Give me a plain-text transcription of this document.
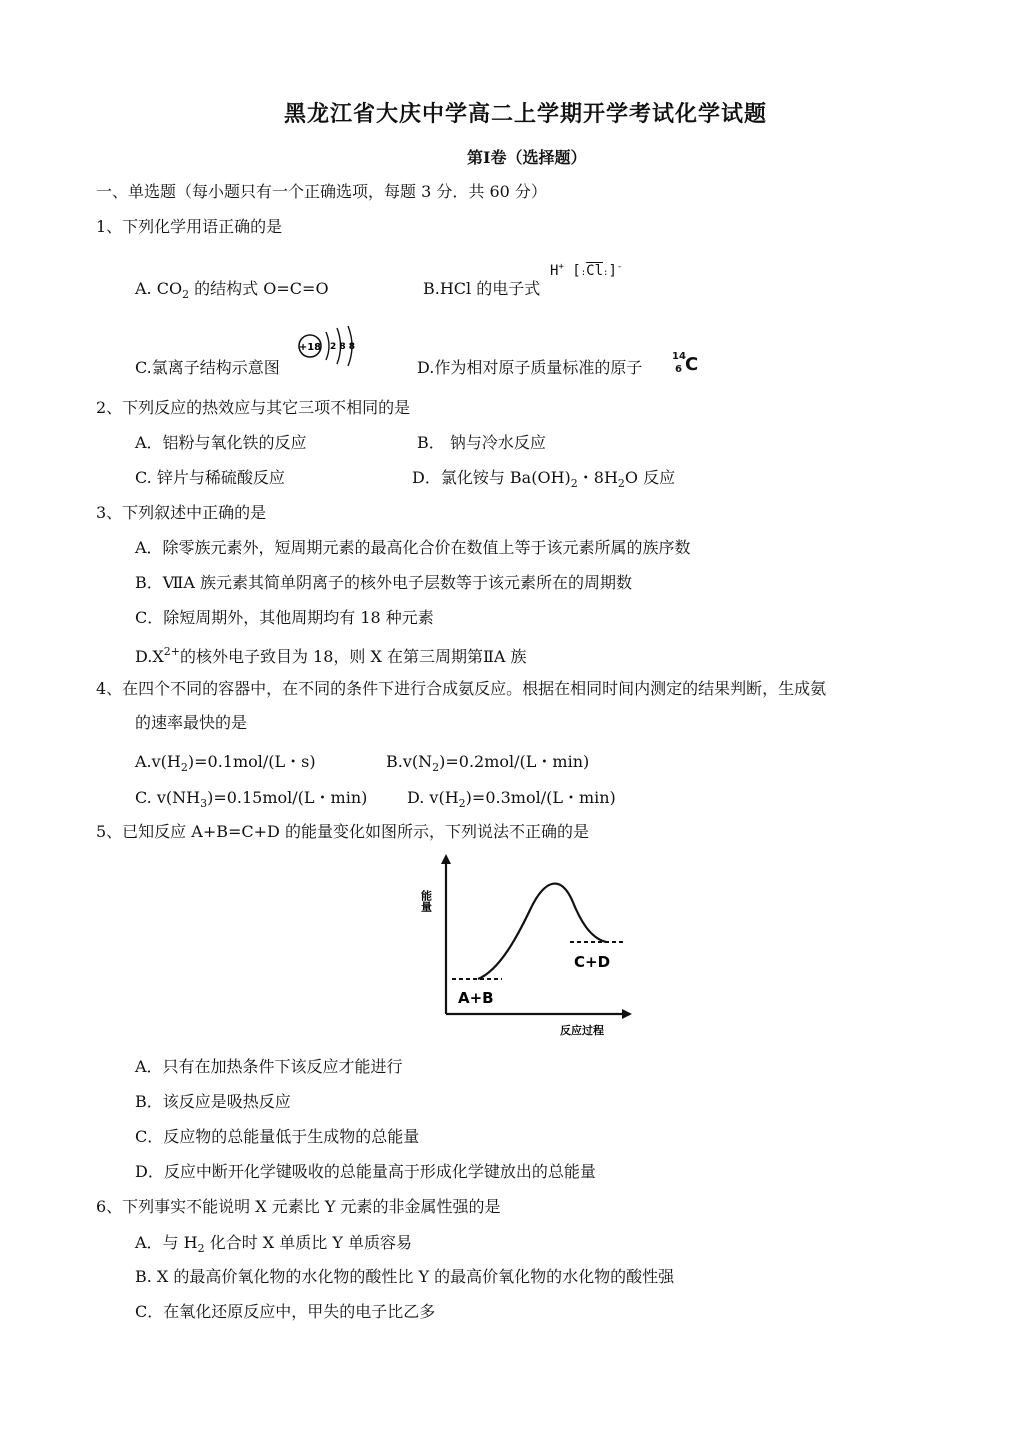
黑龙江省大庆中学高二上学期开学考试化学试题
第Ⅰ卷（选择题）
一、单选题（每小题只有一个正确选项，每题 3 分．共 60 分）
1、下列化学用语正确的是
A. $CO_2$ 的结构式 O=C=O	B.HCl 的电子式
H+ $[:\overline{Cl}:]^-$
C.氯离子结构示意图
+18 2 8 8
D.作为相对原子质量标准的原子
14
6 C
2、下列反应的热效应与其它三项不相同的是
A．铝粉与氧化铁的反应	B． 钠与冷水反应
C. 锌片与稀硫酸反应	D．氯化铵与 $Ba(OH)_2$・$8H_2O$ 反应
3、下列叙述中正确的是
A．除零族元素外，短周期元素的最高化合价在数值上等于该元素所属的族序数
B．ⅦA 族元素其简单阴离子的核外电子层数等于该元素所在的周期数
C．除短周期外，其他周期均有 18 种元素
$D.X^{2+}$的核外电子致目为 18，则 X 在第三周期第ⅡA 族
4、在四个不同的容器中，在不同的条件下进行合成氨反应。根据在相同时间内测定的结果判断，生成氨
的速率最快的是
$A.v(H_2)=0.1mol/(L$・s)	$B.v(N_2)=0.2mol/(L$・min)
C. $v(NH_3)=0.15mol/(L$・min) D. $v(H_2)=0.3mol/(L$・min)
5、已知反应 A+B=C+D 的能量变化如图所示，下列说法不正确的是
能量
反应过程
A+B
C+D
A．只有在加热条件下该反应才能进行
B．该反应是吸热反应
C．反应物的总能量低于生成物的总能量
D．反应中断开化学键吸收的总能量高于形成化学键放出的总能量
6、下列事实不能说明 X 元素比 Y 元素的非金属性强的是
A．与 $H_2$ 化合时 X 单质比 Y 单质容易
B. X 的最高价氧化物的水化物的酸性比 Y 的最高价氧化物的水化物的酸性强
C．在氧化还原反应中，甲失的电子比乙多
